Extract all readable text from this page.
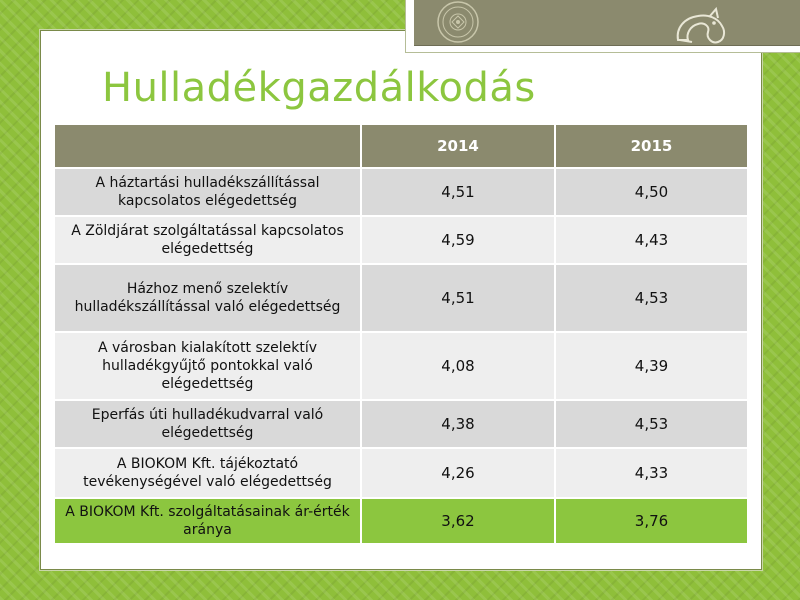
Hulladékgazdálkodás
	2014	2015
A háztartási hulladékszállítással kapcsolatos elégedettség	4,51	4,50
A Zöldjárat szolgáltatással kapcsolatos elégedettség	4,59	4,43
Házhoz menő szelektív hulladékszállítással való elégedettség	4,51	4,53
A városban kialakított szelektív hulladékgyűjtő pontokkal való elégedettség	4,08	4,39
Eperfás úti hulladékudvarral való elégedettség	4,38	4,53
A BIOKOM Kft. tájékoztató tevékenységével való elégedettség	4,26	4,33
A BIOKOM Kft. szolgáltatásainak ár-érték aránya	3,62	3,76
